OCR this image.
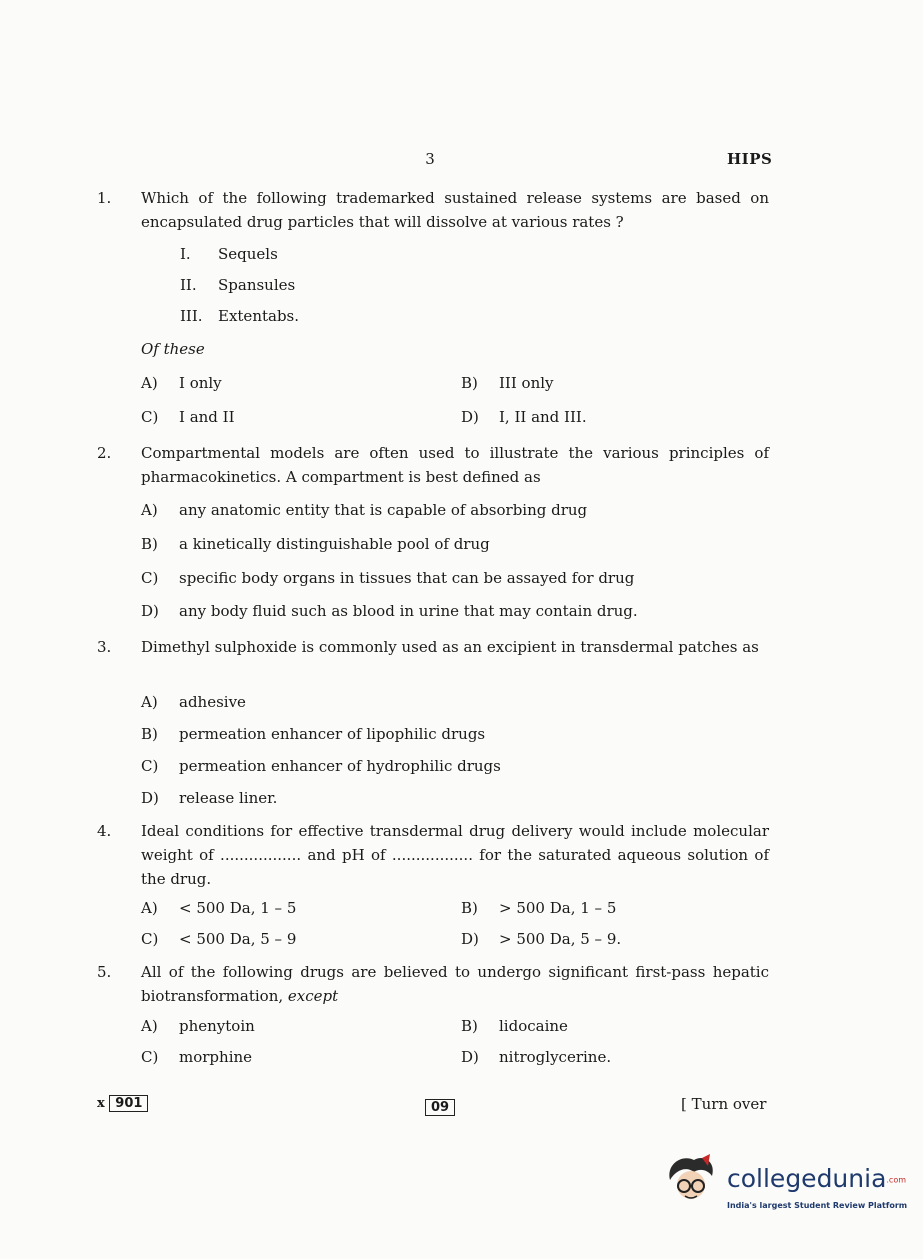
3	HIPS
1.	Which of the following trademarked sustained release systems are based on encapsulated drug particles that will dissolve at various rates ?
I. Sequels
II. Spansules
III. Extentabs.
Of these
A) I only	B) III only
C) I and II	D) I, II and III.
2.	Compartmental models are often used to illustrate the various principles of pharmacokinetics. A compartment is best defined as
A) any anatomic entity that is capable of absorbing drug
B) a kinetically distinguishable pool of drug
C) specific body organs in tissues that can be assayed for drug
D) any body fluid such as blood in urine that may contain drug.
3.	Dimethyl sulphoxide is commonly used as an excipient in transdermal patches as
A) adhesive
B) permeation enhancer of lipophilic drugs
C) permeation enhancer of hydrophilic drugs
D) release liner.
4.	Ideal conditions for effective transdermal drug delivery would include molecular weight of ................. and pH of ................. for the saturated aqueous solution of the drug.
A) < 500 Da, 1 – 5	B) > 500 Da, 1 – 5
C) < 500 Da, 5 – 9	D) > 500 Da, 5 – 9.
5.	All of the following drugs are believed to undergo significant first-pass hepatic biotransformation, except
A) phenytoin	B) lidocaine
C) morphine	D) nitroglycerine.
x 901	09	[ Turn over
collegedunia.com
India's largest Student Review Platform
